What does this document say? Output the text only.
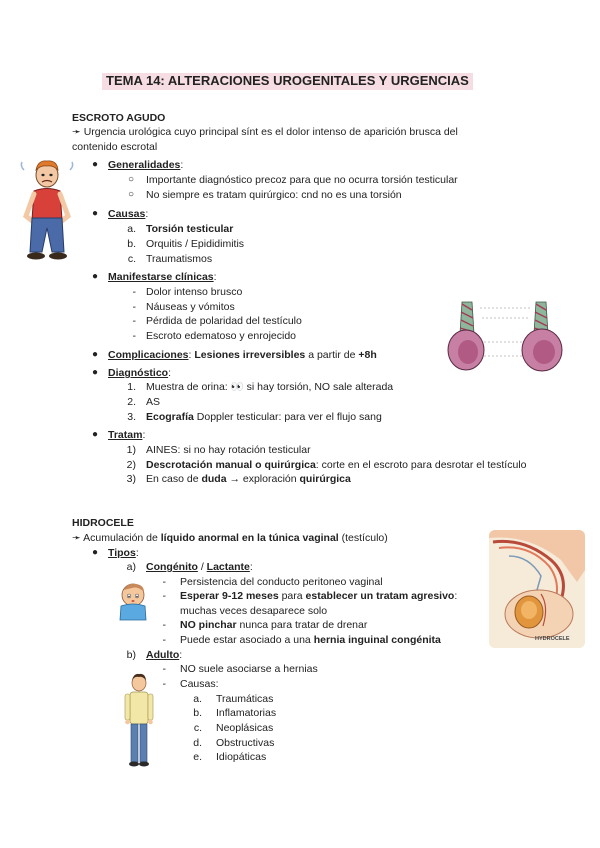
TEMA 14: ALTERACIONES UROGENITALES Y URGENCIAS
ESCROTO AGUDO
➛ Urgencia urológica cuyo principal sínt es el dolor intenso de aparición brusca del
contenido escrotal
● Generalidades:
○ Importante diagnóstico precoz para que no ocurra torsión testicular
○ No siempre es tratam quirúrgico: cnd no es una torsión
● Causas:
a. Torsión testicular
b. Orquitis / Epididimitis
c. Traumatismos
● Manifestarse clínicas:
- Dolor intenso brusco
- Náuseas y vómitos
- Pérdida de polaridad del testículo
- Escroto edematoso y enrojecido
● Complicaciones: Lesiones irreversibles a partir de +8h
● Diagnóstico:
1. Muestra de orina: 👀 si hay torsión, NO sale alterada
2. AS
3. Ecografía Doppler testicular: para ver el flujo sang
● Tratam:
1) AINES: si no hay rotación testicular
2) Descrotación manual o quirúrgica: corte en el escroto para desrotar el testículo
3) En caso de duda → exploración quirúrgica
HIDROCELE
➛ Acumulación de líquido anormal en la túnica vaginal (testículo)
● Tipos:
a) Congénito / Lactante:
- Persistencia del conducto peritoneo vaginal
- Esperar 9-12 meses para establecer un tratam agresivo:
muchas veces desaparece solo
- NO pinchar nunca para tratar de drenar
- Puede estar asociado a una hernia inguinal congénita
b) Adulto:
- NO suele asociarse a hernias
- Causas:
a. Traumáticas
b. Inflamatorias
c. Neoplásicas
d. Obstructivas
e. Idiopáticas
HYDROCELE
